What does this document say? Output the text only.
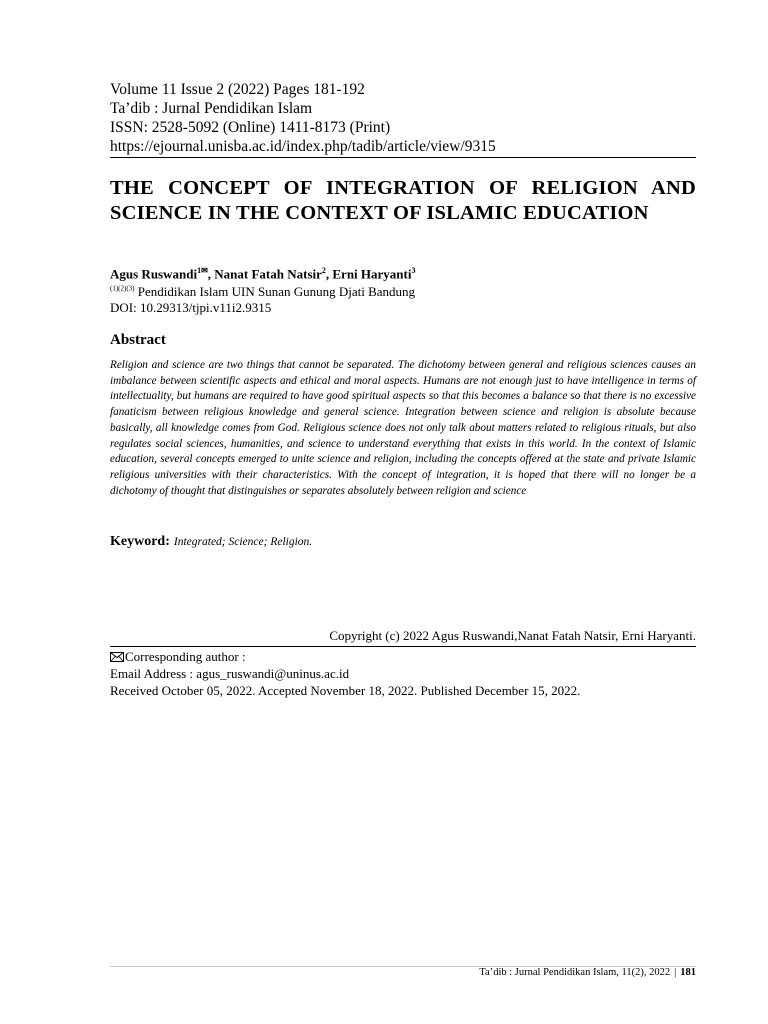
Volume 11 Issue 2 (2022) Pages 181-192
Ta’dib : Jurnal Pendidikan Islam
ISSN: 2528-5092 (Online) 1411-8173 (Print)
https://ejournal.unisba.ac.id/index.php/tadib/article/view/9315
THE CONCEPT OF INTEGRATION OF RELIGION AND SCIENCE IN THE CONTEXT OF ISLAMIC EDUCATION
Agus Ruswandi$^{1✉}$, Nanat Fatah Natsir$^2$, Erni Haryanti$^3$
$^{(1)(2)(3)}$ Pendidikan Islam UIN Sunan Gunung Djati Bandung
DOI: 10.29313/tjpi.v11i2.9315
Abstract
Religion and science are two things that cannot be separated. The dichotomy between general and religious sciences causes an imbalance between scientific aspects and ethical and moral aspects. Humans are not enough just to have intelligence in terms of intellectuality, but humans are required to have good spiritual aspects so that this becomes a balance so that there is no excessive fanaticism between religious knowledge and general science. Integration between science and religion is absolute because basically, all knowledge comes from God. Religious science does not only talk about matters related to religious rituals, but also regulates social sciences, humanities, and science to understand everything that exists in this world. In the context of Islamic education, several concepts emerged to unite science and religion, including the concepts offered at the state and private Islamic religious universities with their characteristics. With the concept of integration, it is hoped that there will no longer be a dichotomy of thought that distinguishes or separates absolutely between religion and science
Keyword: Integrated; Science; Religion.
Copyright (c) 2022 Agus Ruswandi,Nanat Fatah Natsir, Erni Haryanti.
Corresponding author :
Email Address : agus_ruswandi@uninus.ac.id
Received October 05, 2022. Accepted November 18, 2022. Published December 15, 2022.
Ta’dib : Jurnal Pendidikan Islam, 11(2), 2022 | 181
